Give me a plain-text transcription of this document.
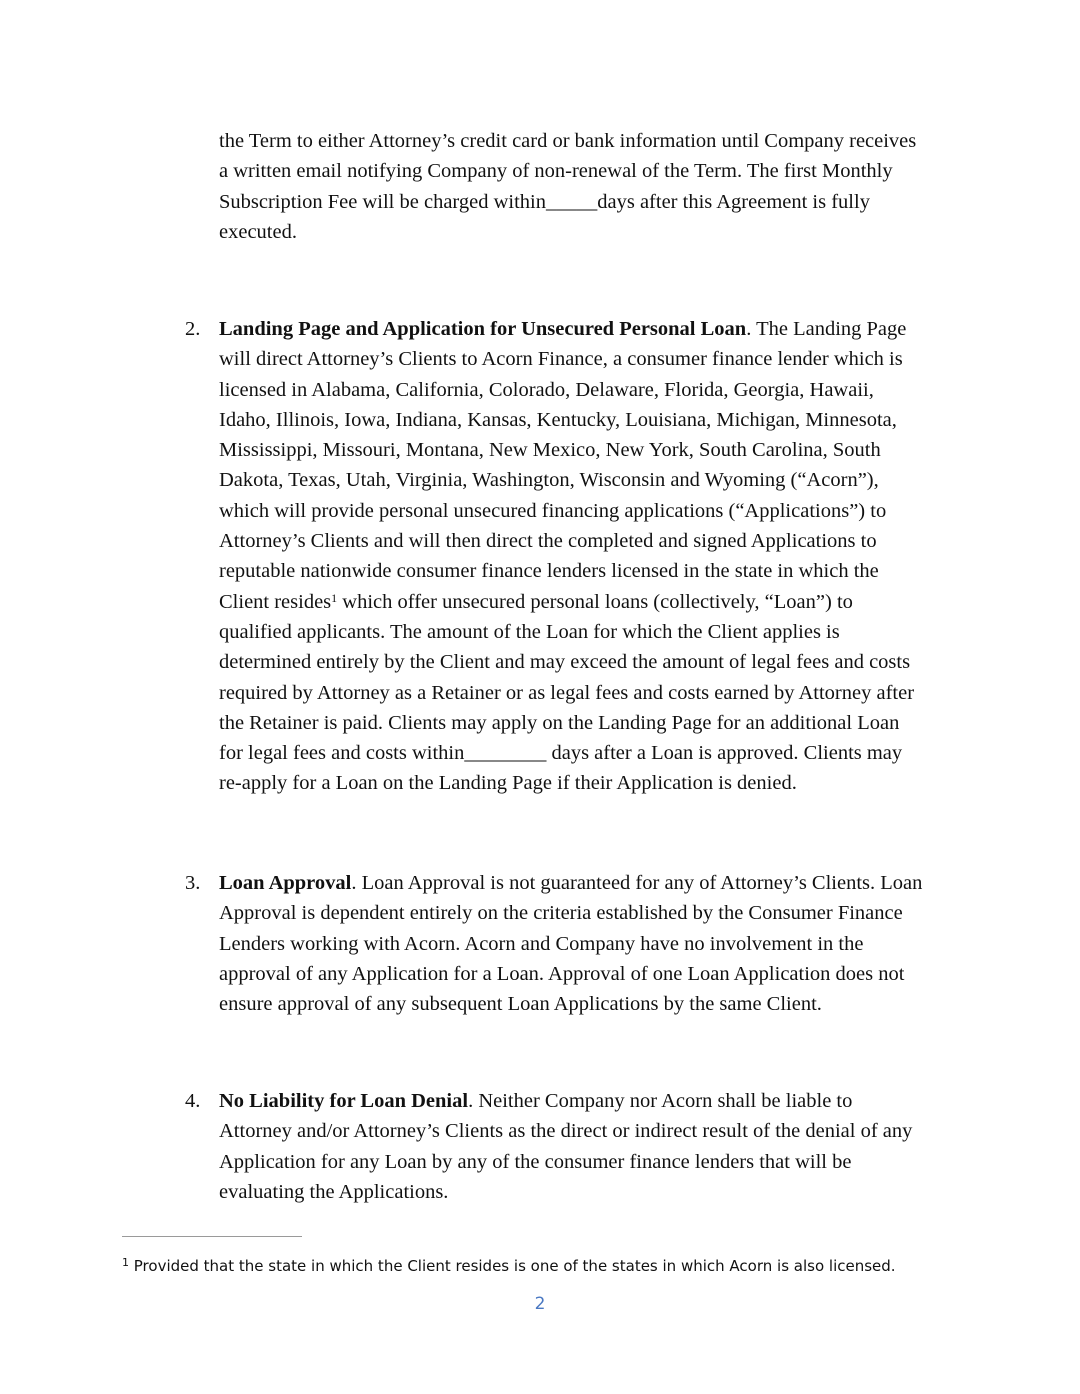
the Term to either Attorney’s credit card or bank information until Company receives
a written email notifying Company of non-renewal of the Term. The first Monthly
Subscription Fee will be charged within_____days after this Agreement is fully
executed.
2. Landing Page and Application for Unsecured Personal Loan. The Landing Page
will direct Attorney’s Clients to Acorn Finance, a consumer finance lender which is
licensed in Alabama, California, Colorado, Delaware, Florida, Georgia, Hawaii,
Idaho, Illinois, Iowa, Indiana, Kansas, Kentucky, Louisiana, Michigan, Minnesota,
Mississippi, Missouri, Montana, New Mexico, New York, South Carolina, South
Dakota, Texas, Utah, Virginia, Washington, Wisconsin and Wyoming (“Acorn”),
which will provide personal unsecured financing applications (“Applications”) to
Attorney’s Clients and will then direct the completed and signed Applications to
reputable nationwide consumer finance lenders licensed in the state in which the
Client resides$^1$ which offer unsecured personal loans (collectively, “Loan”) to
qualified applicants. The amount of the Loan for which the Client applies is
determined entirely by the Client and may exceed the amount of legal fees and costs
required by Attorney as a Retainer or as legal fees and costs earned by Attorney after
the Retainer is paid. Clients may apply on the Landing Page for an additional Loan
for legal fees and costs within________ days after a Loan is approved. Clients may
re-apply for a Loan on the Landing Page if their Application is denied.
3. Loan Approval. Loan Approval is not guaranteed for any of Attorney’s Clients. Loan
Approval is dependent entirely on the criteria established by the Consumer Finance
Lenders working with Acorn. Acorn and Company have no involvement in the
approval of any Application for a Loan. Approval of one Loan Application does not
ensure approval of any subsequent Loan Applications by the same Client.
4. No Liability for Loan Denial. Neither Company nor Acorn shall be liable to
Attorney and/or Attorney’s Clients as the direct or indirect result of the denial of any
Application for any Loan by any of the consumer finance lenders that will be
evaluating the Applications.
$^1$ Provided that the state in which the Client resides is one of the states in which Acorn is also licensed.
2
